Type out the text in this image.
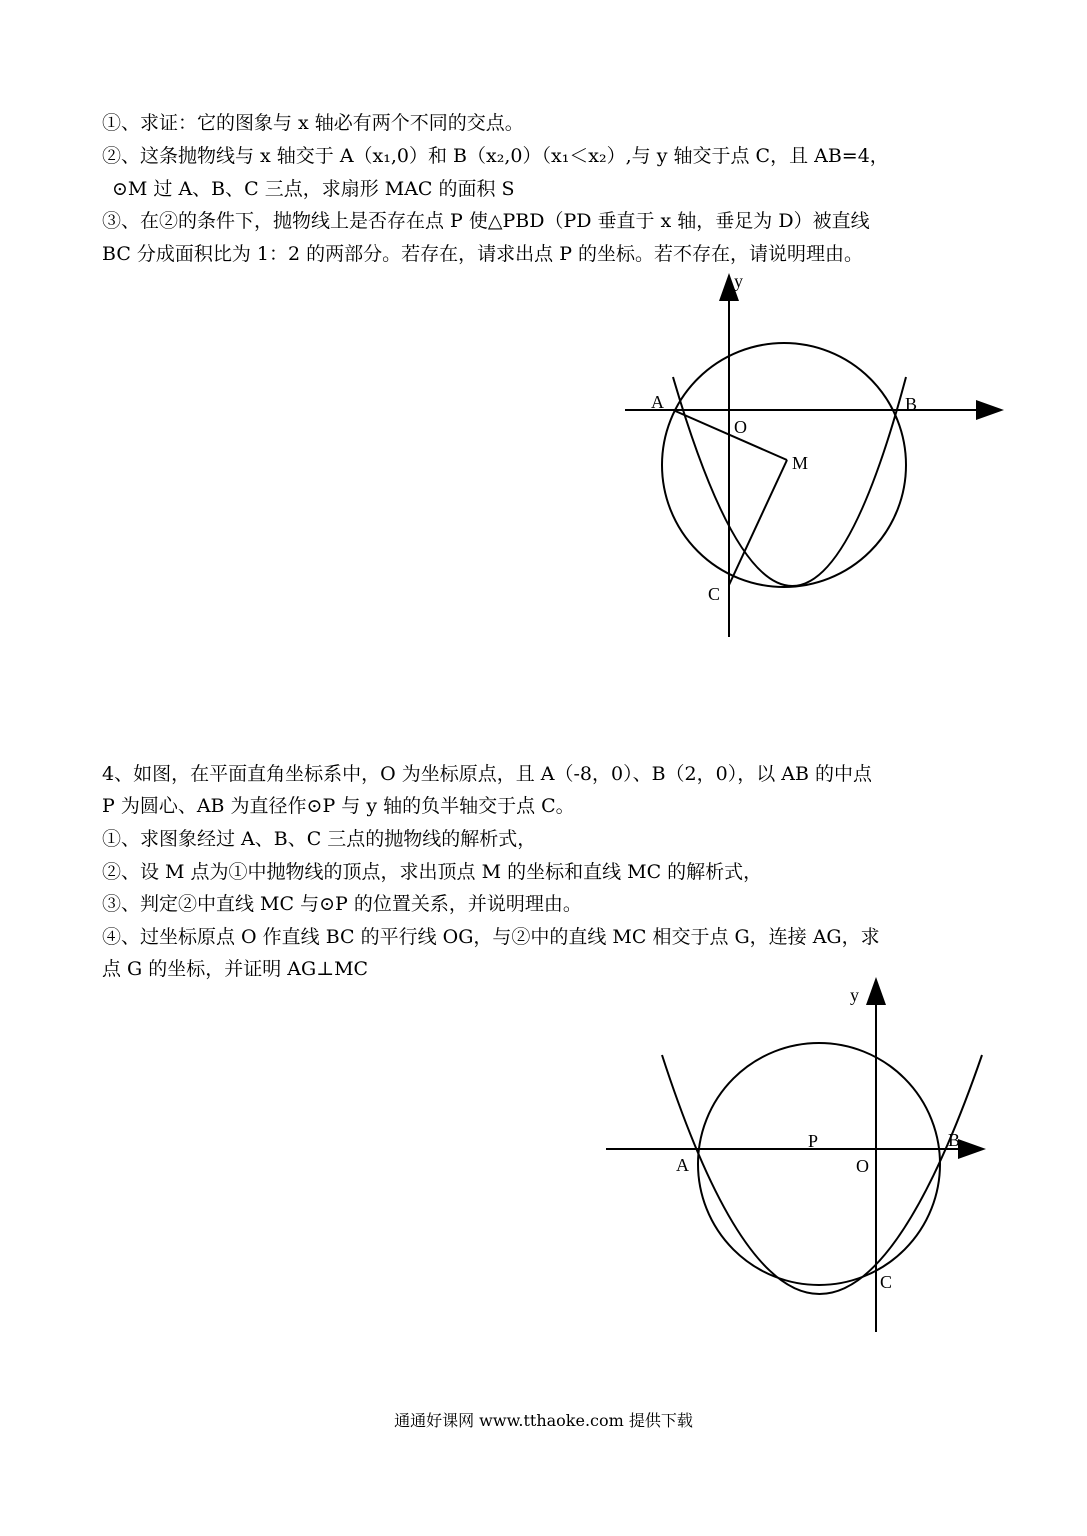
①、求证：它的图象与 x 轴必有两个不同的交点。
②、这条抛物线与 x 轴交于 A（x₁,0）和 B（x₂,0）（x₁＜x₂）,与 y 轴交于点 C，且 AB=4，
⊙M 过 A、B、C 三点，求扇形 MAC 的面积 S
③、在②的条件下，抛物线上是否存在点 P 使△PBD（PD 垂直于 x 轴，垂足为 D）被直线
BC 分成面积比为 1：2 的两部分。若存在，请求出点 P 的坐标。若不存在，请说明理由。
y
A	B
O
M
C
4、如图，在平面直角坐标系中，O 为坐标原点，且 A（-8，0）、B（2，0），以 AB 的中点
P 为圆心、AB 为直径作⊙P 与 y 轴的负半轴交于点 C。
①、求图象经过 A、B、C 三点的抛物线的解析式，
②、设 M 点为①中抛物线的顶点，求出顶点 M 的坐标和直线 MC 的解析式，
③、判定②中直线 MC 与⊙P 的位置关系，并说明理由。
④、过坐标原点 O 作直线 BC 的平行线 OG，与②中的直线 MC 相交于点 G，连接 AG，求
点 G 的坐标，并证明 AG⊥MC
y
A
P
O
B
C
通通好课网 www.tthaoke.com 提供下载
